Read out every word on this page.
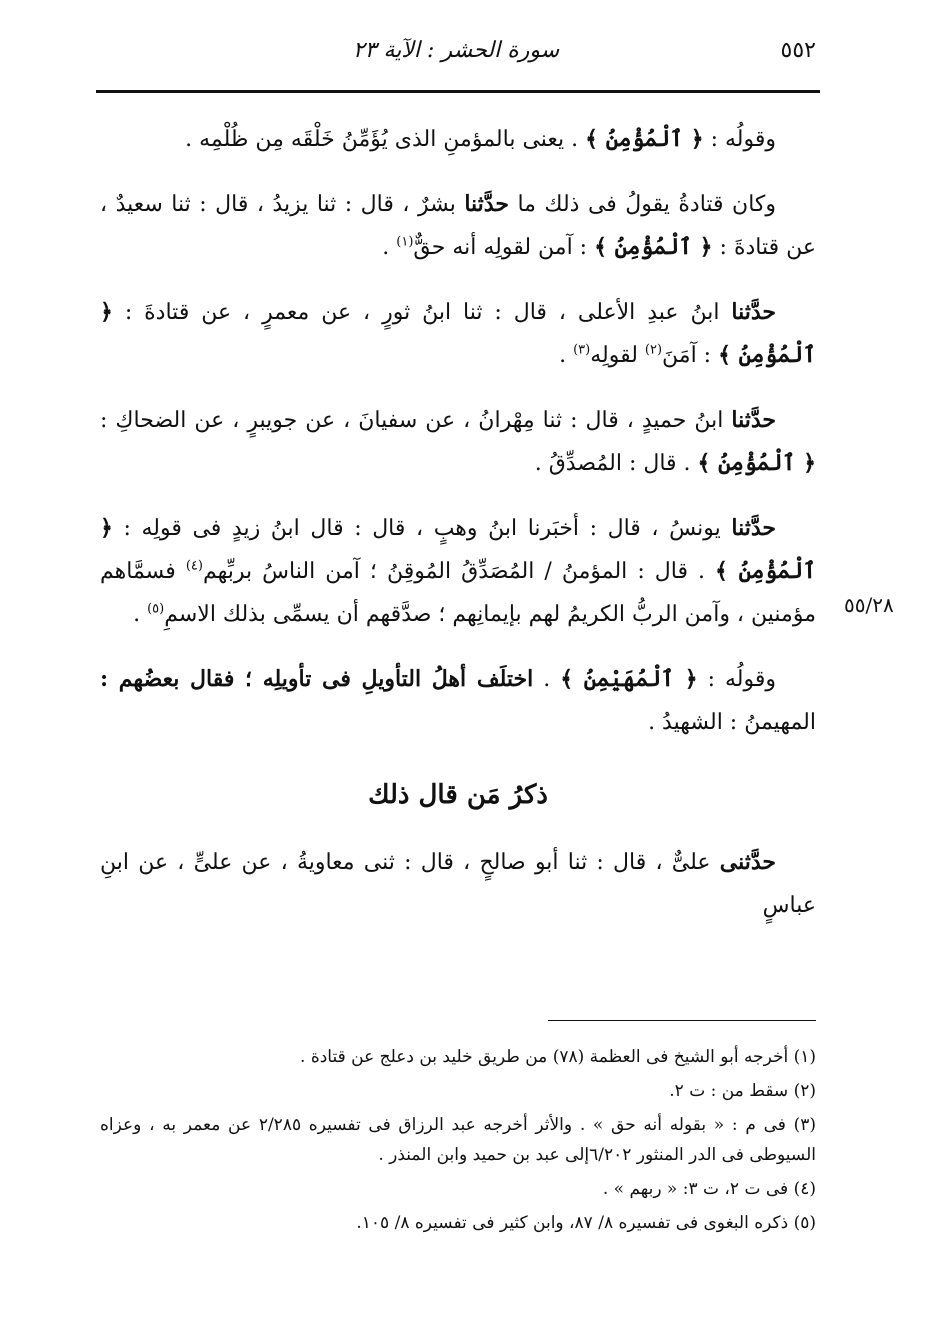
٥٥٢
سورة الحشر : الآية ٢٣
٥٥/٢٨

وقولُه : ﴿ ٱلْمُؤْمِنُ ﴾ . يعنى بالمؤمنِ الذى يُؤَمِّنُ خَلْقَه مِن ظُلْمِه .

وكان قتادةُ يقولُ فى ذلك ما حدَّثنا بشرٌ ، قال : ثنا يزيدُ ، قال : ثنا سعيدٌ ، عن قتادةَ : ﴿ ٱلْمُؤْمِنُ ﴾ : آمن لقولِه أنه حقٌّ$^{(١)}$ .

حدَّثنا ابنُ عبدِ الأعلى ، قال : ثنا ابنُ ثورٍ ، عن معمرٍ ، عن قتادةَ : ﴿ ٱلْمُؤْمِنُ ﴾ : آمَنَ$^{(٢)}$ لقولِه$^{(٣)}$ .

حدَّثنا ابنُ حميدٍ ، قال : ثنا مِهْرانُ ، عن سفيانَ ، عن جويبرٍ ، عن الضحاكِ : ﴿ ٱلْمُؤْمِنُ ﴾ . قال : المُصدِّقُ .

حدَّثنا يونسُ ، قال : أخبَرنا ابنُ وهبٍ ، قال : قال ابنُ زيدٍ فى قولِه : ﴿ ٱلْمُؤْمِنُ ﴾ . قال : المؤمنُ / المُصَدِّقُ المُوقِنُ ؛ آمن الناسُ بربِّهم$^{(٤)}$ فسمَّاهم مؤمنين ، وآمن الربُّ الكريمُ لهم بإيمانِهم ؛ صدَّقهم أن يسمِّى بذلك الاسمِ$^{(٥)}$ .

وقولُه : ﴿ ٱلْمُهَيْمِنُ ﴾ . اختلَف أهلُ التأويلِ فى تأويلِه ؛ فقال بعضُهم : المهيمنُ : الشهيدُ .

ذكرُ مَن قال ذلك

حدَّثنى علىٌّ ، قال : ثنا أبو صالحٍ ، قال : ثنى معاويةُ ، عن علىٍّ ، عن ابنِ عباسٍ

(١) أخرجه أبو الشيخ فى العظمة (٧٨) من طريق خليد بن دعلج عن قتادة .

(٢) سقط من : ت ٢.

(٣) فى م : « بقوله أنه حق » . والأثر أخرجه عبد الرزاق فى تفسيره ٢/٢٨٥ عن معمر به ، وعزاه السيوطى فى الدر المنثور ٦/٢٠٢إلى عبد بن حميد وابن المنذر .

(٤) فى ت ٢، ت ٣: « ربهم » .

(٥) ذكره البغوى فى تفسيره ٨/ ٨٧، وابن كثير فى تفسيره ٨/ ١٠٥.
